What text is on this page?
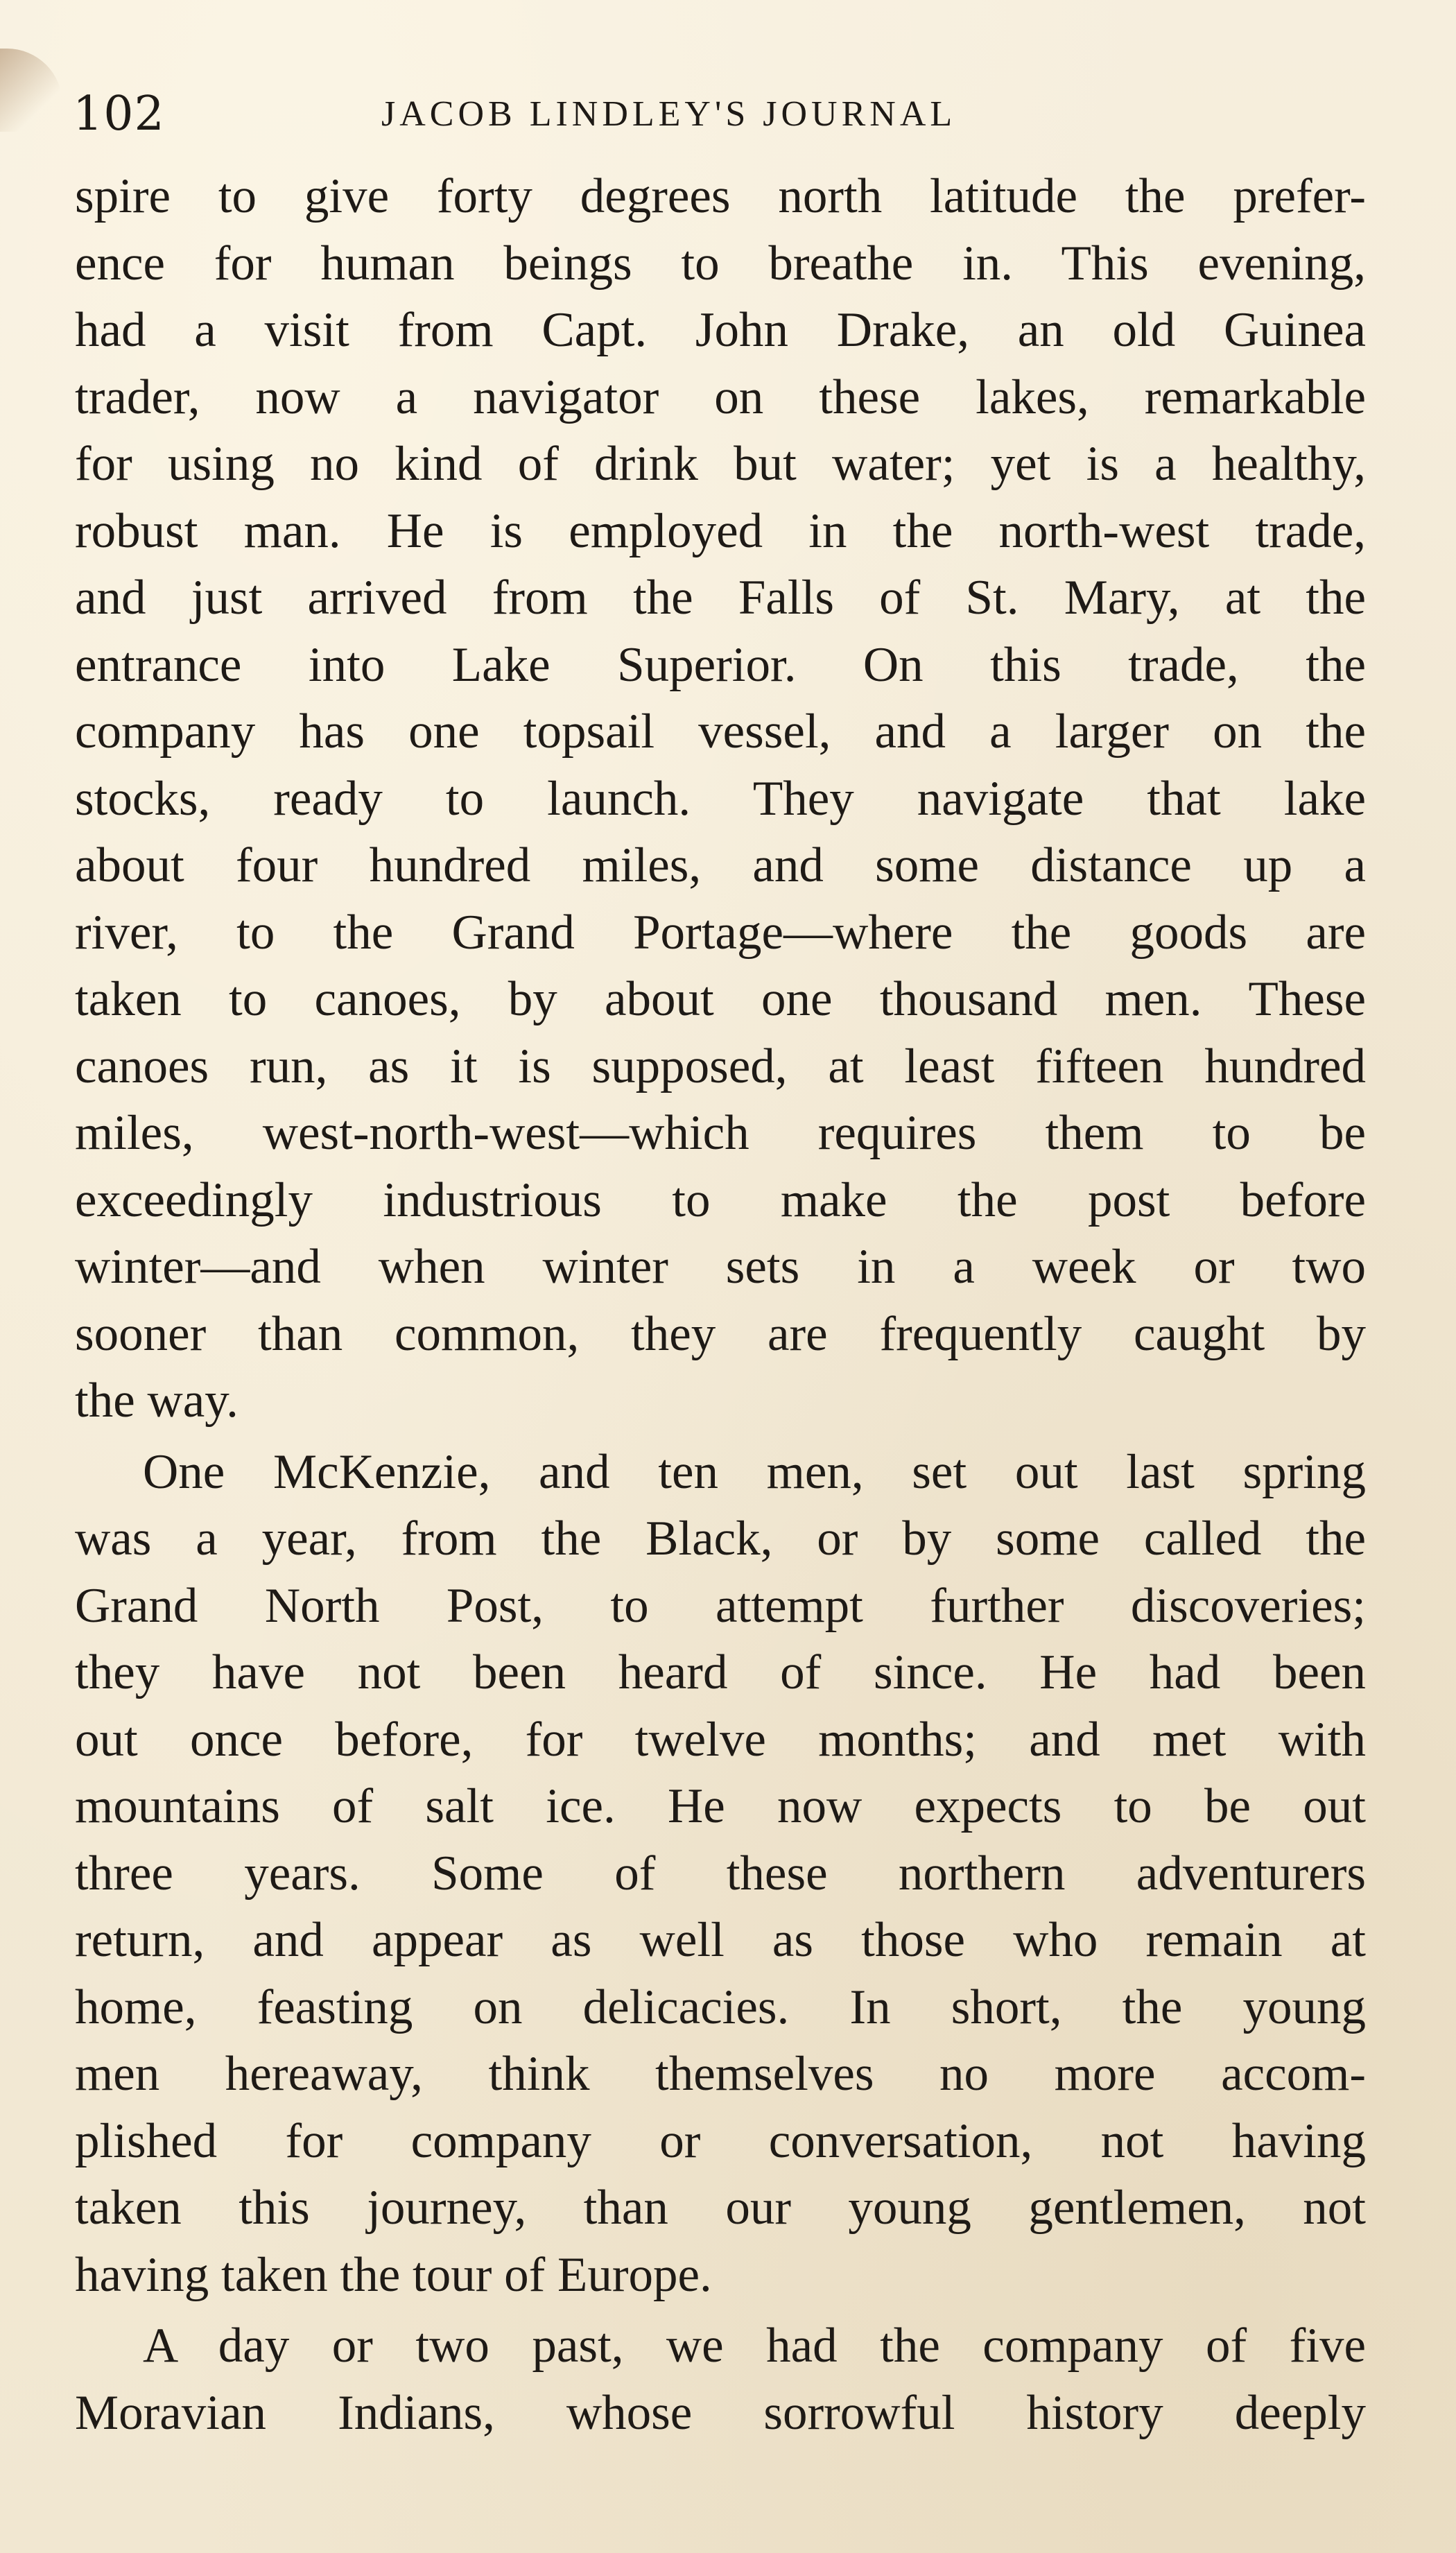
102	JACOB LINDLEY'S JOURNAL
spire to give forty degrees north latitude the prefer-
ence for human beings to breathe in. This evening,
had a visit from Capt. John Drake, an old Guinea
trader, now a navigator on these lakes, remarkable
for using no kind of drink but water; yet is a healthy,
robust man. He is employed in the north-west trade,
and just arrived from the Falls of St. Mary, at the
entrance into Lake Superior. On this trade, the
company has one topsail vessel, and a larger on the
stocks, ready to launch. They navigate that lake
about four hundred miles, and some distance up a
river, to the Grand Portage—where the goods are
taken to canoes, by about one thousand men. These
canoes run, as it is supposed, at least fifteen hundred
miles, west-north-west—which requires them to be
exceedingly industrious to make the post before
winter—and when winter sets in a week or two
sooner than common, they are frequently caught by
the way.
One McKenzie, and ten men, set out last spring
was a year, from the Black, or by some called the
Grand North Post, to attempt further discoveries;
they have not been heard of since. He had been
out once before, for twelve months; and met with
mountains of salt ice. He now expects to be out
three years. Some of these northern adventurers
return, and appear as well as those who remain at
home, feasting on delicacies. In short, the young
men hereaway, think themselves no more accom-
plished for company or conversation, not having
taken this journey, than our young gentlemen, not
having taken the tour of Europe.
A day or two past, we had the company of five
Moravian Indians, whose sorrowful history deeply
